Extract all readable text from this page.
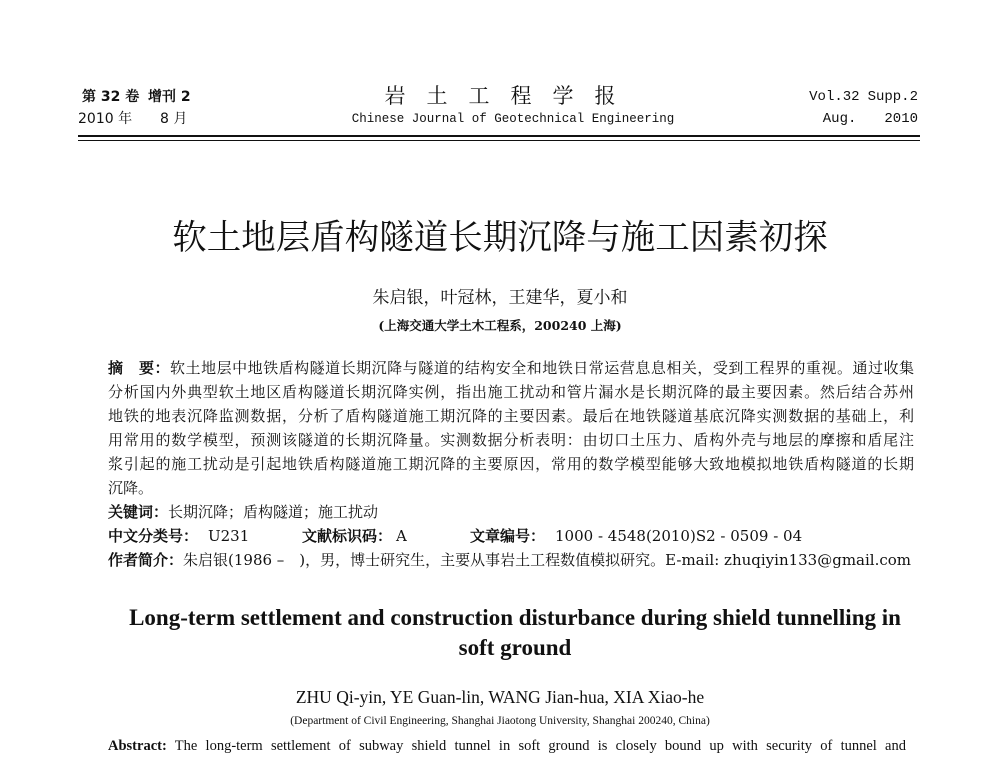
第 32 卷 增刊 2
2010 年 8 月
岩　土　工　程　学　报
Chinese Journal of Geotechnical Engineering
Vol.32 Supp.2
Aug. 2010
软土地层盾构隧道长期沉降与施工因素初探
朱启银，叶冠林，王建华，夏小和
(上海交通大学土木工程系，200240 上海)
摘　要：软土地层中地铁盾构隧道长期沉降与隧道的结构安全和地铁日常运营息息相关，受到工程界的重视。通过收集
分析国内外典型软土地区盾构隧道长期沉降实例，指出施工扰动和管片漏水是长期沉降的最主要因素。然后结合苏州
地铁的地表沉降监测数据，分析了盾构隧道施工期沉降的主要因素。最后在地铁隧道基底沉降实测数据的基础上，利
用常用的数学模型，预测该隧道的长期沉降量。实测数据分析表明：由切口土压力、盾构外壳与地层的摩擦和盾尾注
浆引起的施工扰动是引起地铁盾构隧道施工期沉降的主要原因，常用的数学模型能够大致地模拟地铁盾构隧道的长期
沉降。
关键词：长期沉降；盾构隧道；施工扰动
中文分类号： U231	文献标识码： A	文章编号： 1000 - 4548(2010)S2 - 0509 - 04
作者简介：朱启银(1986 –　)，男，博士研究生，主要从事岩土工程数值模拟研究。E-mail: zhuqiyin133@gmail.com
Long-term settlement and construction disturbance during shield tunnelling in
soft ground
ZHU Qi-yin, YE Guan-lin, WANG Jian-hua, XIA Xiao-he
(Department of Civil Engineering, Shanghai Jiaotong University, Shanghai 200240, China)
Abstract: The long-term settlement of subway shield tunnel in soft ground is closely bound up with security of tunnel and
